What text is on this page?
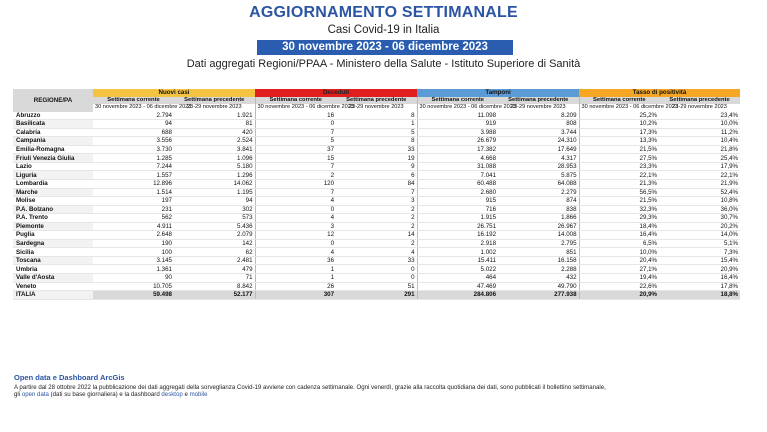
AGGIORNAMENTO SETTIMANALE
Casi Covid-19 in Italia
30 novembre 2023 - 06 dicembre 2023
Dati aggregati Regioni/PPAA - Ministero della Salute - Istituto Superiore di Sanità
REGIONE/PA	Nuovi casi		Deceduti		Tamponi		Tasso di positività	
	Settimana corrente	Settimana precedente	Settimana corrente	Settimana precedente	Settimana corrente	Settimana precedente	Settimana corrente	Settimana precedente
	30 novembre 2023 - 06 dicembre 2023	23-29 novembre 2023	30 novembre 2023 - 06 dicembre 2023	23-29 novembre 2023	30 novembre 2023 - 06 dicembre 2023	23-29 novembre 2023	30 novembre 2023 - 06 dicembre 2023	23-29 novembre 2023
Abruzzo	2.794	1.921	16	8	11.098	8.209	25,2%	23,4%
Basilicata	94	81	0	1	919	808	10,2%	10,0%
Calabria	688	420	7	5	3.988	3.744	17,3%	11,2%
Campania	3.556	2.524	5	8	26.679	24.310	13,3%	10,4%
Emilia-Romagna	3.730	3.841	37	33	17.382	17.649	21,5%	21,8%
Friuli Venezia Giulia	1.285	1.096	15	19	4.668	4.317	27,5%	25,4%
Lazio	7.244	5.180	7	9	31.088	28.953	23,3%	17,9%
Liguria	1.557	1.296	2	6	7.041	5.875	22,1%	22,1%
Lombardia	12.896	14.062	120	84	60.488	64.088	21,3%	21,9%
Marche	1.514	1.195	7	7	2.680	2.279	56,5%	52,4%
Molise	197	94	4	3	915	874	21,5%	10,8%
P.A. Bolzano	231	302	0	2	716	838	32,3%	36,0%
P.A. Trento	562	573	4	2	1.915	1.866	29,3%	30,7%
Piemonte	4.911	5.436	3	2	26.751	26.967	18,4%	20,2%
Puglia	2.648	2.079	12	14	16.192	14.008	16,4%	14,0%
Sardegna	190	142	0	2	2.918	2.795	6,5%	5,1%
Sicilia	100	62	4	4	1.002	851	10,0%	7,3%
Toscana	3.145	2.481	36	33	15.411	16.158	20,4%	15,4%
Umbria	1.361	479	1	0	5.022	2.288	27,1%	20,9%
Valle d'Aosta	90	71	1	0	464	432	19,4%	16,4%
Veneto	10.705	8.842	26	51	47.469	49.790	22,6%	17,8%
ITALIA	59.498	52.177	307	291	284.806	277.938	20,9%	18,8%
Open data e Dashboard ArcGis
A partire dal 28 ottobre 2022 la pubblicazione dei dati aggregati della sorveglianza Covid-19 avviene con cadenza settimanale. Ogni venerdì, grazie alla raccolta quotidiana dei dati, sono pubblicati il bollettino settimanale,
gli open data (dati su base giornaliera) e la dashboard desktop e mobile
